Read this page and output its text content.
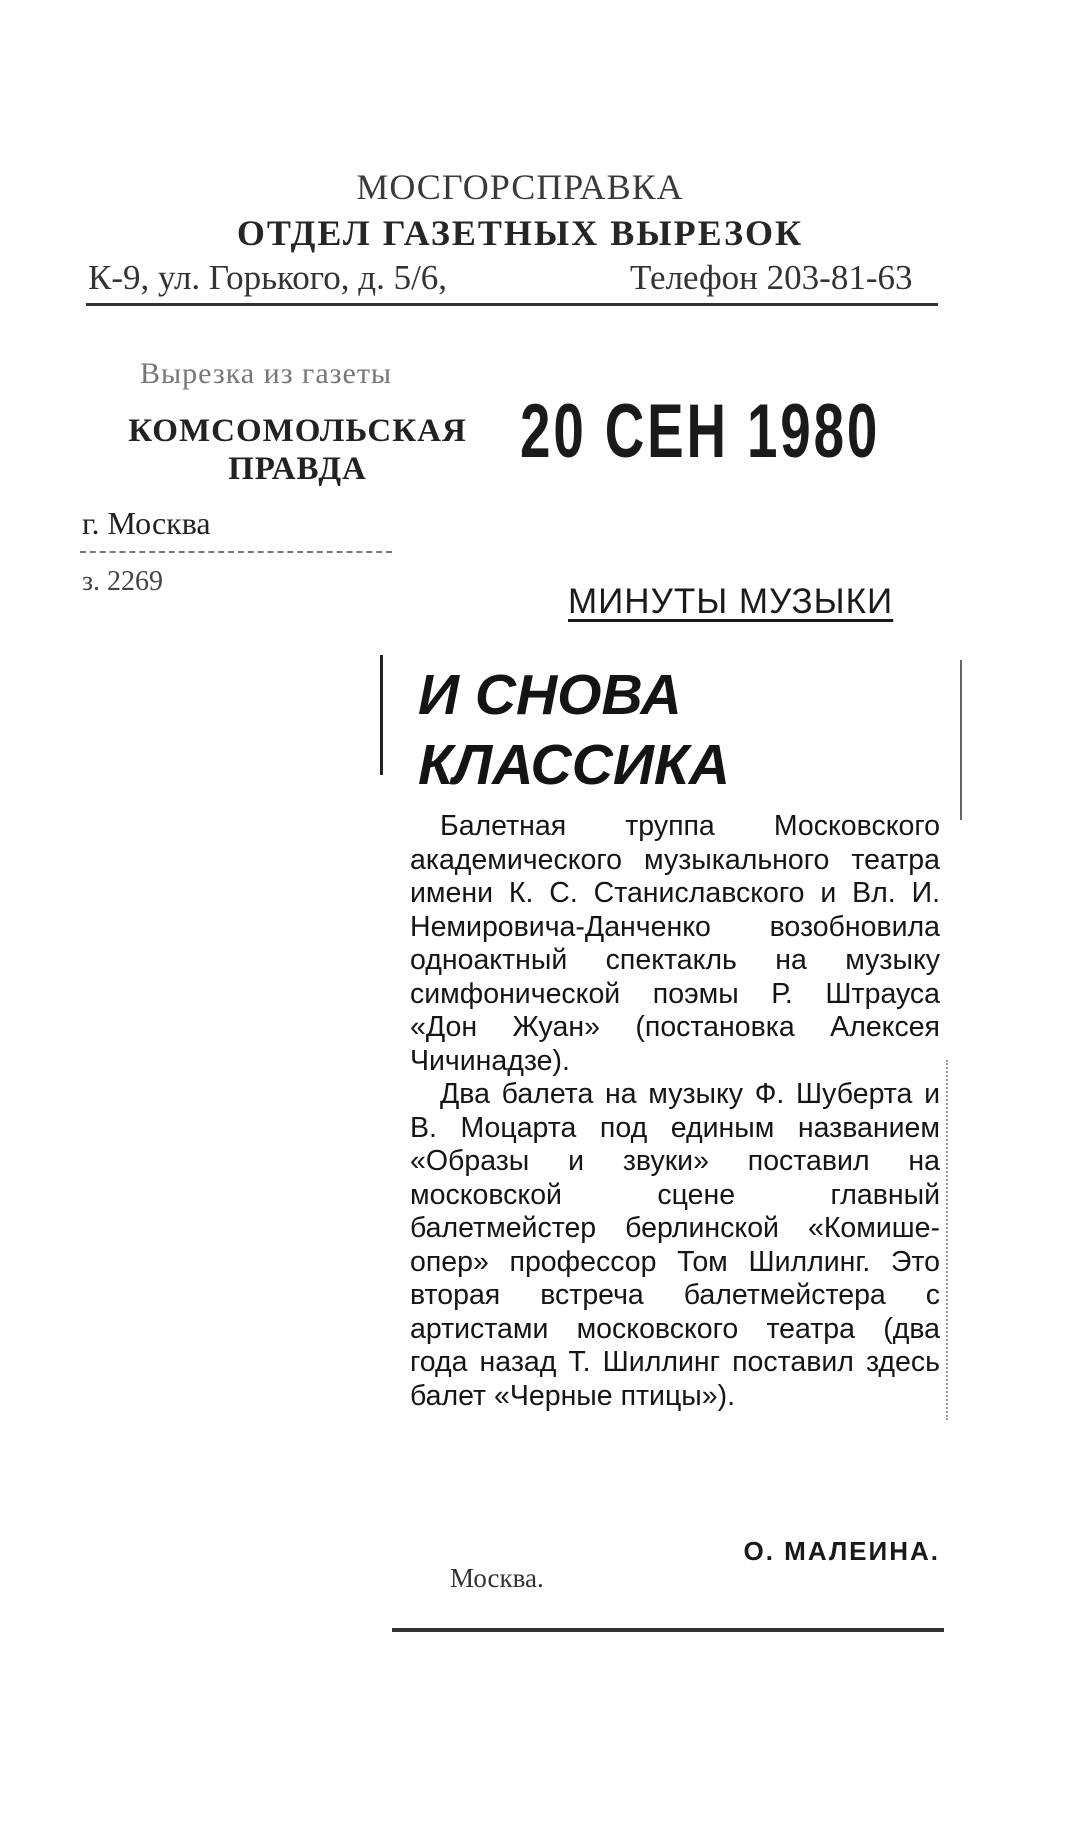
МОСГОРСПРАВКА
ОТДЕЛ ГАЗЕТНЫХ ВЫРЕЗОК
К-9, ул. Горького, д. 5/6,	Телефон 203-81-63
Вырезка из газеты
КОМСОМОЛЬСКАЯ
ПРАВДА	20 СЕН 1980
г. Москва
з. 2269
МИНУТЫ МУЗЫКИ
И СНОВА
КЛАССИКА

Балетная труппа Московского академического музыкального театра имени К. С. Станиславского и Вл. И. Немировича-Данченко возобновила одноактный спектакль на музыку симфонической поэмы Р. Штрауса «Дон Жуан» (постановка Алексея Чичинадзе).

Два балета на музыку Ф. Шуберта и В. Моцарта под единым названием «Образы и звуки» поставил на московской сцене главный балетмейстер берлинской «Комише-опер» профессор Том Шиллинг. Это вторая встреча балетмейстера с артистами московского театра (два года назад Т. Шиллинг поставил здесь балет «Черные птицы»).

О. МАЛЕИНА.
Москва.
